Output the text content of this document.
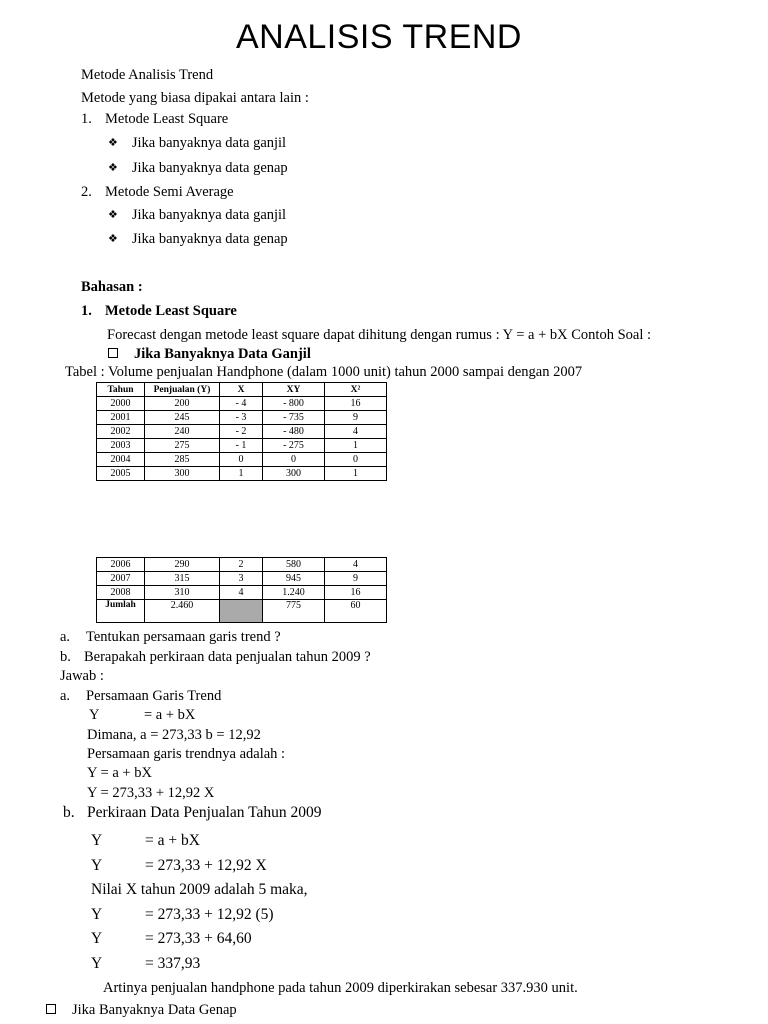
ANALISIS TREND
Metode Analisis Trend
Metode yang biasa dipakai antara lain :
1. Metode Least Square
❖ Jika banyaknya data ganjil
❖ Jika banyaknya data genap
2. Metode Semi Average
❖ Jika banyaknya data ganjil
❖ Jika banyaknya data genap
Bahasan :
1. Metode Least Square
Forecast dengan metode least square dapat dihitung dengan rumus : Y = a + bX Contoh Soal :
Jika Banyaknya Data Ganjil
Tabel : Volume penjualan Handphone (dalam 1000 unit) tahun 2000 sampai dengan 2007
Tahun	Penjualan (Y)	X	XY	X²
2000	200	- 4	- 800	16
2001	245	- 3	- 735	9
2002	240	- 2	- 480	4
2003	275	- 1	- 275	1
2004	285	0	0	0
2005	300	1	300	1
2006	290	2	580	4
2007	315	3	945	9
2008	310	4	1.240	16
Jumlah	2.460		775	60
a. Tentukan persamaan garis trend ?
b. Berapakah perkiraan data penjualan tahun 2009 ?
Jawab :
a. Persamaan Garis Trend
Y	= a + bX
Dimana, a = 273,33 b = 12,92
Persamaan garis trendnya adalah :
Y = a + bX
Y = 273,33 + 12,92 X
b. Perkiraan Data Penjualan Tahun 2009
Y	= a + bX
Y	= 273,33 + 12,92 X
Nilai X tahun 2009 adalah 5 maka,
Y	= 273,33 + 12,92 (5)
Y	= 273,33 + 64,60
Y	= 337,93
Artinya penjualan handphone pada tahun 2009 diperkirakan sebesar 337.930 unit.
Jika Banyaknya Data Genap
